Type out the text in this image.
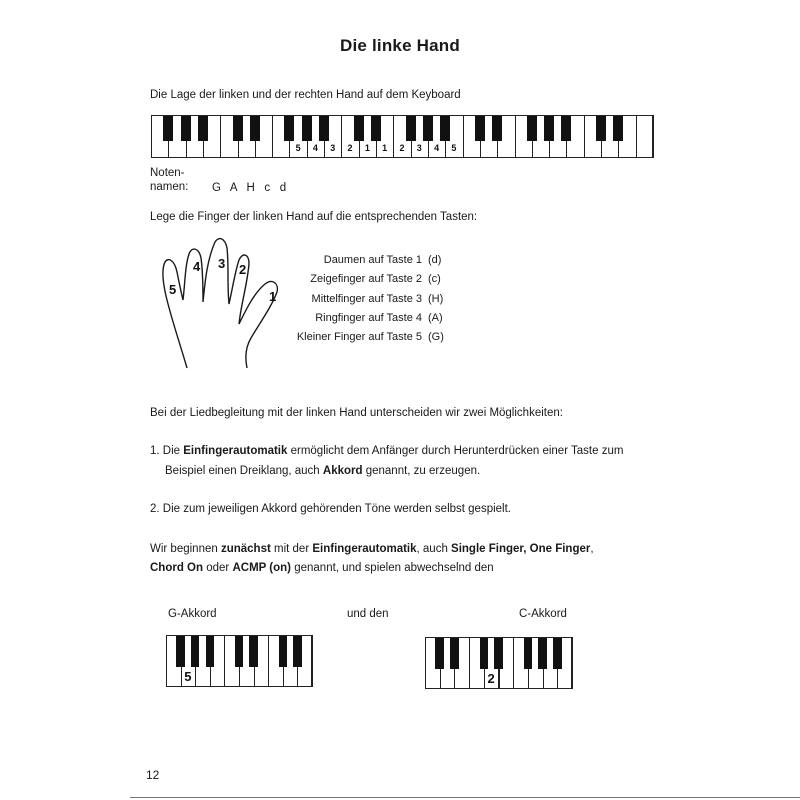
Die linke Hand
Die Lage der linken und der rechten Hand auf dem Keyboard
5	4	3	2	1	1	2	3	4	5
Noten-
namen: G A H c d
Lege die Finger der linken Hand auf die entsprechenden Tasten:
5
4 3 2
1
Daumen auf Taste 1 (d)
Zeigefinger auf Taste 2 (c)
Mittelfinger auf Taste 3 (H)
Ringfinger auf Taste 4 (A)
Kleiner Finger auf Taste 5 (G)
Bei der Liedbegleitung mit der linken Hand unterscheiden wir zwei Möglichkeiten:
1. Die Einfingerautomatik ermöglicht dem Anfänger durch Herunterdrücken einer Taste zum
Beispiel einen Dreiklang, auch Akkord genannt, zu erzeugen.
2. Die zum jeweiligen Akkord gehörenden Töne werden selbst gespielt.
Wir beginnen zunächst mit der Einfingerautomatik, auch Single Finger, One Finger,
Chord On oder ACMP (on) genannt, und spielen abwechselnd den
G-Akkord	und den	C-Akkord
5	2
12
